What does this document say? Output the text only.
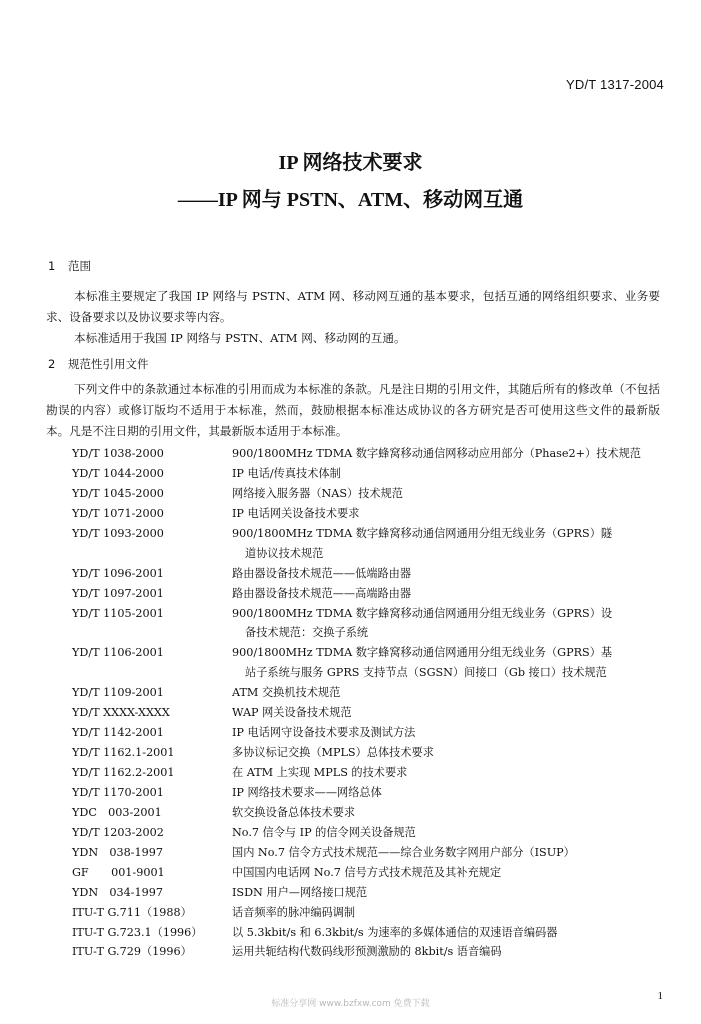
YD/T 1317-2004
IP 网络技术要求
——IP 网与 PSTN、ATM、移动网互通
1 范围

本标准主要规定了我国 IP 网络与 PSTN、ATM 网、移动网互通的基本要求，包括互通的网络组织要求、业务要求、设备要求以及协议要求等内容。

本标准适用于我国 IP 网络与 PSTN、ATM 网、移动网的互通。

2 规范性引用文件

下列文件中的条款通过本标准的引用而成为本标准的条款。凡是注日期的引用文件，其随后所有的修改单（不包括勘误的内容）或修订版均不适用于本标准，然而，鼓励根据本标准达成协议的各方研究是否可使用这些文件的最新版本。凡是不注日期的引用文件，其最新版本适用于本标准。

YD/T 1038-2000	900/1800MHz TDMA 数字蜂窝移动通信网移动应用部分（Phase2+）技术规范
YD/T 1044-2000	IP 电话/传真技术体制
YD/T 1045-2000	网络接入服务器（NAS）技术规范
YD/T 1071-2000	IP 电话网关设备技术要求
YD/T 1093-2000	900/1800MHz TDMA 数字蜂窝移动通信网通用分组无线业务（GPRS）隧
道协议技术规范
YD/T 1096-2001	路由器设备技术规范——低端路由器
YD/T 1097-2001	路由器设备技术规范——高端路由器
YD/T 1105-2001	900/1800MHz TDMA 数字蜂窝移动通信网通用分组无线业务（GPRS）设
备技术规范：交换子系统
YD/T 1106-2001	900/1800MHz TDMA 数字蜂窝移动通信网通用分组无线业务（GPRS）基
站子系统与服务 GPRS 支持节点（SGSN）间接口（Gb 接口）技术规范
YD/T 1109-2001	ATM 交换机技术规范
YD/T XXXX-XXXX	WAP 网关设备技术规范
YD/T 1142-2001	IP 电话网守设备技术要求及测试方法
YD/T 1162.1-2001	多协议标记交换（MPLS）总体技术要求
YD/T 1162.2-2001	在 ATM 上实现 MPLS 的技术要求
YD/T 1170-2001	IP 网络技术要求——网络总体
YDC　003-2001	软交换设备总体技术要求
YD/T 1203-2002	No.7 信令与 IP 的信令网关设备规范
YDN　038-1997	国内 No.7 信令方式技术规范——综合业务数字网用户部分（ISUP）
GF　　001-9001	中国国内电话网 No.7 信号方式技术规范及其补充规定
YDN　034-1997	ISDN 用户—网络接口规范
ITU-T G.711（1988）	话音频率的脉冲编码调制
ITU-T G.723.1（1996）	以 5.3kbit/s 和 6.3kbit/s 为速率的多媒体通信的双速语音编码器
ITU-T G.729（1996）	运用共轭结构代数码线形预测激励的 8kbit/s 语音编码
标准分享网 www.bzfxw.com 免费下载
1
